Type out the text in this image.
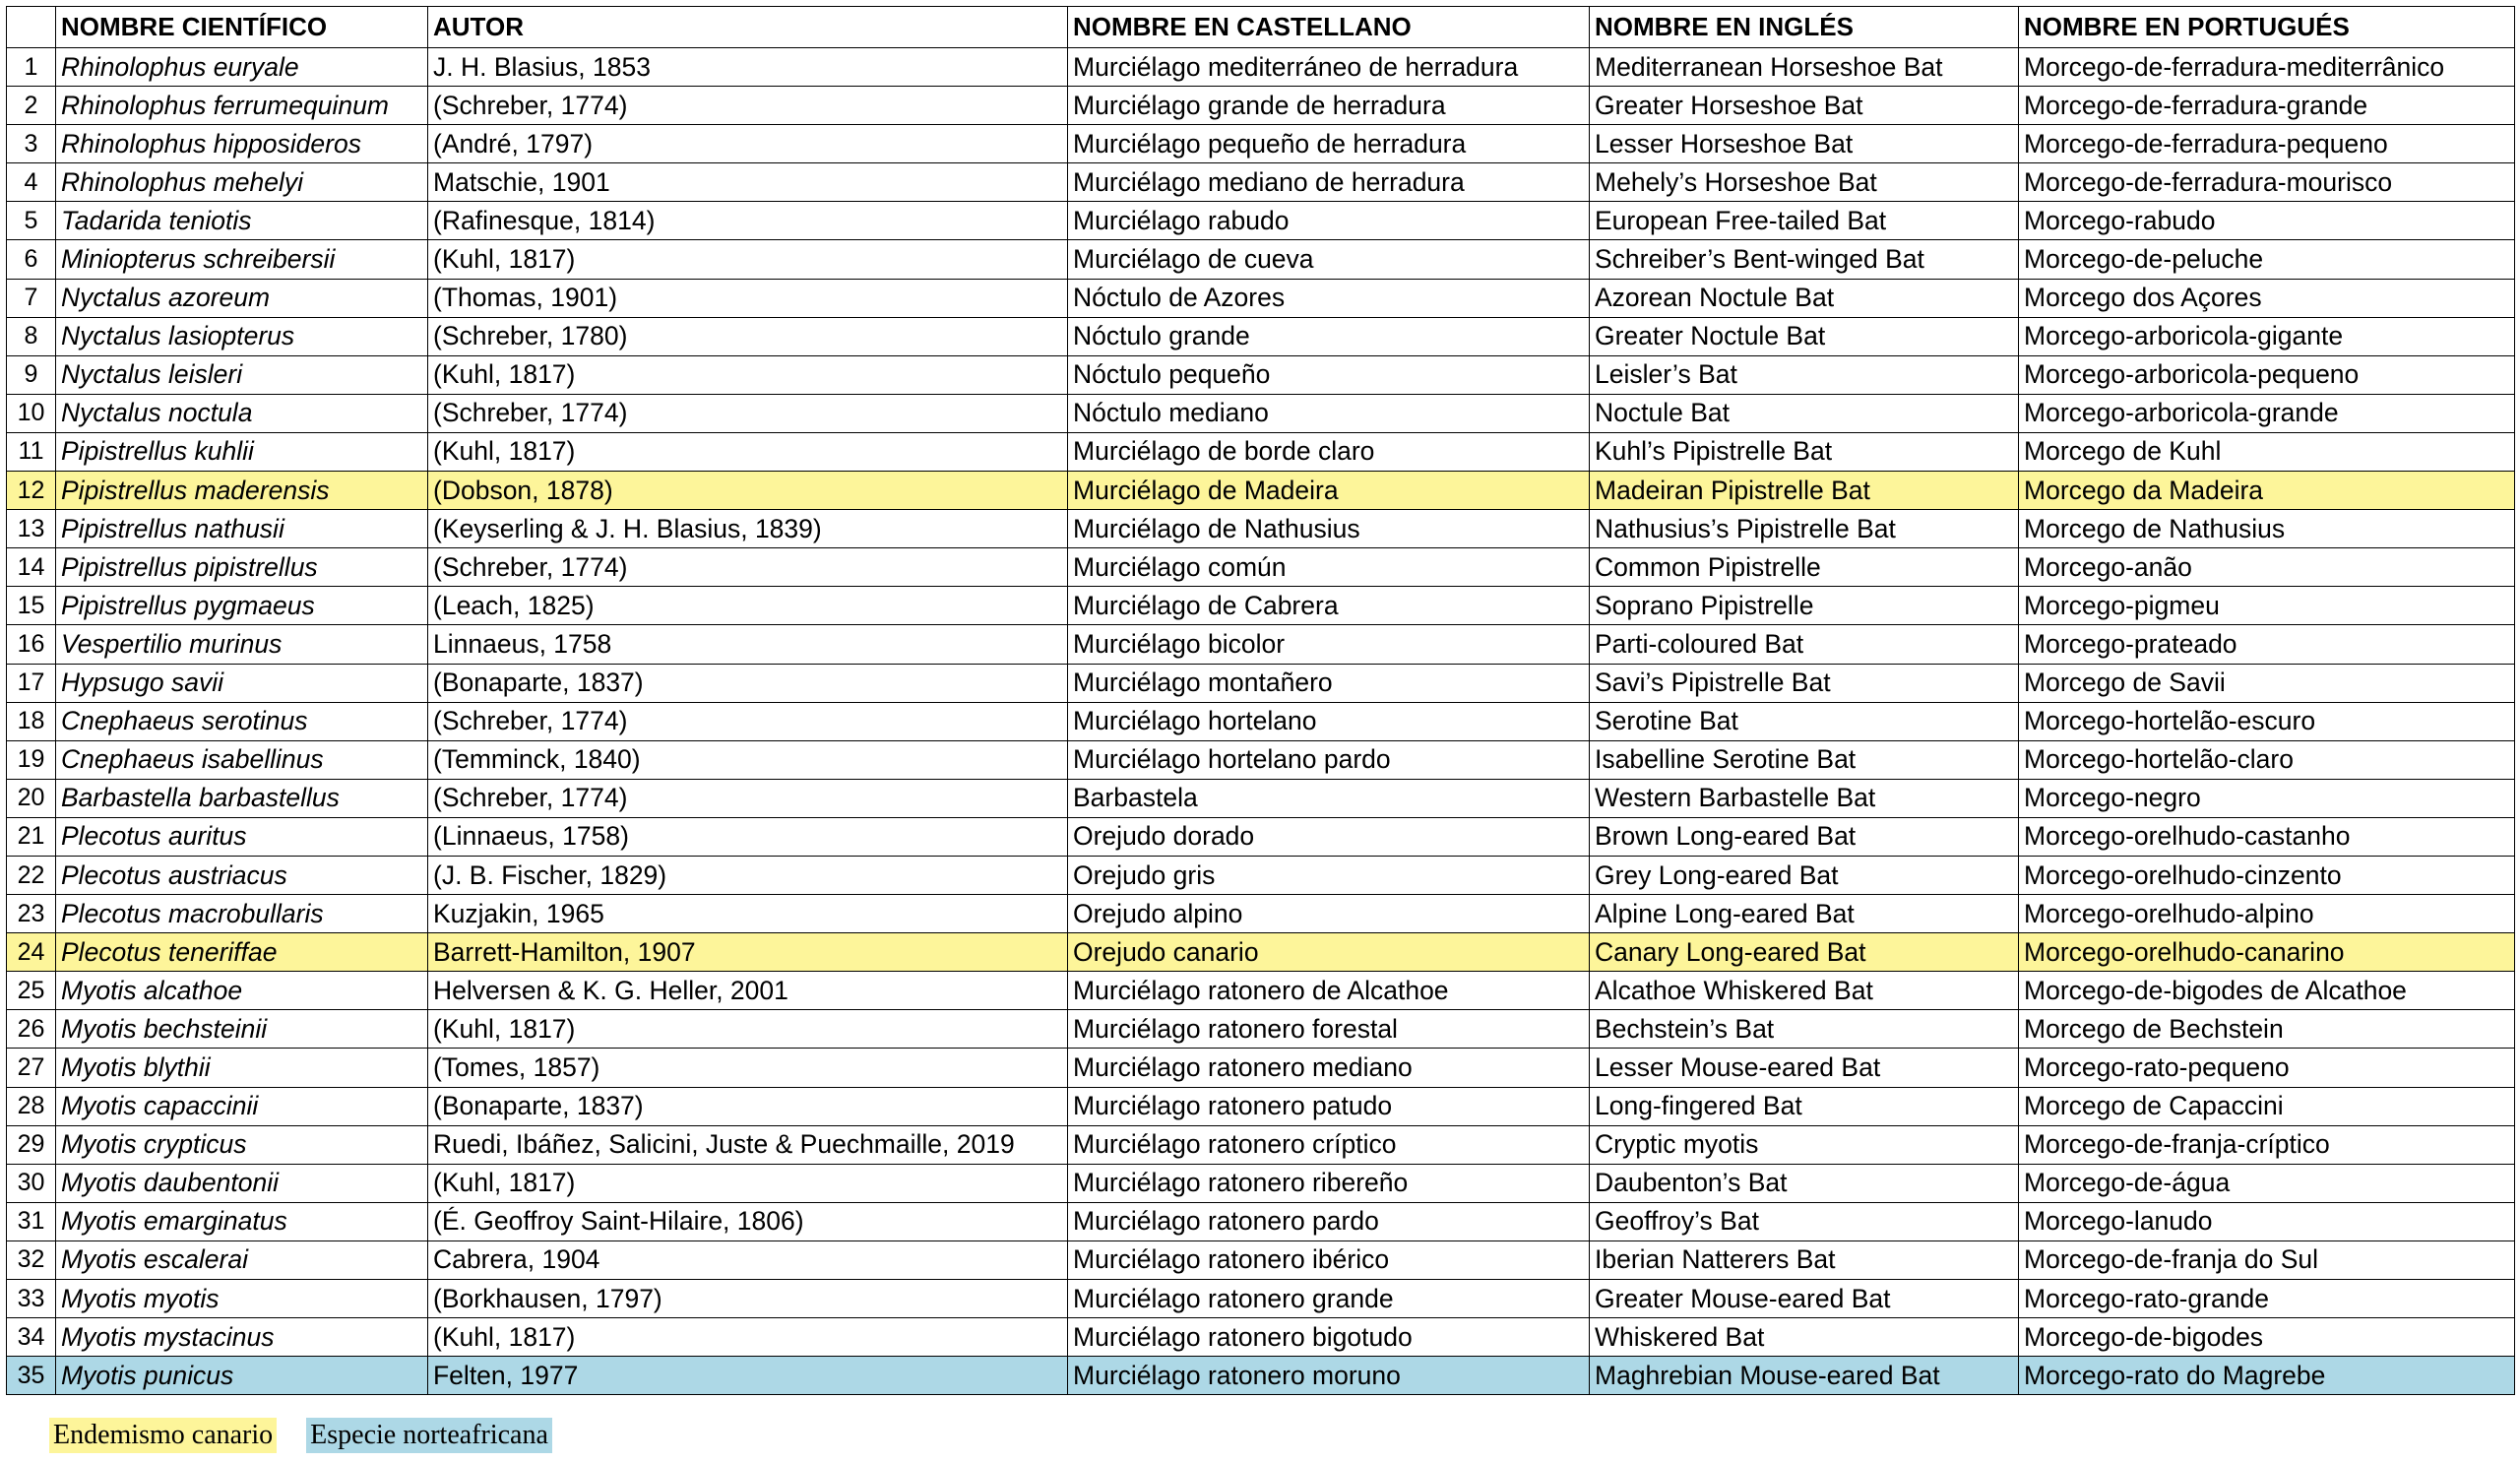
	NOMBRE CIENTÍFICO	AUTOR	NOMBRE EN CASTELLANO	NOMBRE EN INGLÉS	NOMBRE EN PORTUGUÉS
1	Rhinolophus euryale	J. H. Blasius, 1853	Murciélago mediterráneo de herradura	Mediterranean Horseshoe Bat	Morcego-de-ferradura-mediterrânico
2	Rhinolophus ferrumequinum	(Schreber, 1774)	Murciélago grande de herradura	Greater Horseshoe Bat	Morcego-de-ferradura-grande
3	Rhinolophus hipposideros	(André, 1797)	Murciélago pequeño de herradura	Lesser Horseshoe Bat	Morcego-de-ferradura-pequeno
4	Rhinolophus mehelyi	Matschie, 1901	Murciélago mediano de herradura	Mehely’s Horseshoe Bat	Morcego-de-ferradura-mourisco
5	Tadarida teniotis	(Rafinesque, 1814)	Murciélago rabudo	European Free-tailed Bat	Morcego-rabudo
6	Miniopterus schreibersii	(Kuhl, 1817)	Murciélago de cueva	Schreiber’s Bent-winged Bat	Morcego-de-peluche
7	Nyctalus azoreum	(Thomas, 1901)	Nóctulo de Azores	Azorean Noctule Bat	Morcego dos Açores
8	Nyctalus lasiopterus	(Schreber, 1780)	Nóctulo grande	Greater Noctule Bat	Morcego-arboricola-gigante
9	Nyctalus leisleri	(Kuhl, 1817)	Nóctulo pequeño	Leisler’s Bat	Morcego-arboricola-pequeno
10	Nyctalus noctula	(Schreber, 1774)	Nóctulo mediano	Noctule Bat	Morcego-arboricola-grande
11	Pipistrellus kuhlii	(Kuhl, 1817)	Murciélago de borde claro	Kuhl’s Pipistrelle Bat	Morcego de Kuhl
12	Pipistrellus maderensis	(Dobson, 1878)	Murciélago de Madeira	Madeiran Pipistrelle Bat	Morcego da Madeira
13	Pipistrellus nathusii	(Keyserling & J. H. Blasius, 1839)	Murciélago de Nathusius	Nathusius’s Pipistrelle Bat	Morcego de Nathusius
14	Pipistrellus pipistrellus	(Schreber, 1774)	Murciélago común	Common Pipistrelle	Morcego-anão
15	Pipistrellus pygmaeus	(Leach, 1825)	Murciélago de Cabrera	Soprano Pipistrelle	Morcego-pigmeu
16	Vespertilio murinus	Linnaeus, 1758	Murciélago bicolor	Parti-coloured Bat	Morcego-prateado
17	Hypsugo savii	(Bonaparte, 1837)	Murciélago montañero	Savi’s Pipistrelle Bat	Morcego de Savii
18	Cnephaeus serotinus	(Schreber, 1774)	Murciélago hortelano	Serotine Bat	Morcego-hortelão-escuro
19	Cnephaeus isabellinus	(Temminck, 1840)	Murciélago hortelano pardo	Isabelline Serotine Bat	Morcego-hortelão-claro
20	Barbastella barbastellus	(Schreber, 1774)	Barbastela	Western Barbastelle Bat	Morcego-negro
21	Plecotus auritus	(Linnaeus, 1758)	Orejudo dorado	Brown Long-eared Bat	Morcego-orelhudo-castanho
22	Plecotus austriacus	(J. B. Fischer, 1829)	Orejudo gris	Grey Long-eared Bat	Morcego-orelhudo-cinzento
23	Plecotus macrobullaris	Kuzjakin, 1965	Orejudo alpino	Alpine Long-eared Bat	Morcego-orelhudo-alpino
24	Plecotus teneriffae	Barrett-Hamilton, 1907	Orejudo canario	Canary Long-eared Bat	Morcego-orelhudo-canarino
25	Myotis alcathoe	Helversen & K. G. Heller, 2001	Murciélago ratonero de Alcathoe	Alcathoe Whiskered Bat	Morcego-de-bigodes de Alcathoe
26	Myotis bechsteinii	(Kuhl, 1817)	Murciélago ratonero forestal	Bechstein’s Bat	Morcego de Bechstein
27	Myotis blythii	(Tomes, 1857)	Murciélago ratonero mediano	Lesser Mouse-eared Bat	Morcego-rato-pequeno
28	Myotis capaccinii	(Bonaparte, 1837)	Murciélago ratonero patudo	Long-fingered Bat	Morcego de Capaccini
29	Myotis crypticus	Ruedi, Ibáñez, Salicini, Juste & Puechmaille, 2019	Murciélago ratonero críptico	Cryptic myotis	Morcego-de-franja-críptico
30	Myotis daubentonii	(Kuhl, 1817)	Murciélago ratonero ribereño	Daubenton’s Bat	Morcego-de-água
31	Myotis emarginatus	(É. Geoffroy Saint-Hilaire, 1806)	Murciélago ratonero pardo	Geoffroy’s Bat	Morcego-lanudo
32	Myotis escalerai	Cabrera, 1904	Murciélago ratonero ibérico	Iberian Natterers Bat	Morcego-de-franja do Sul
33	Myotis myotis	(Borkhausen, 1797)	Murciélago ratonero grande	Greater Mouse-eared Bat	Morcego-rato-grande
34	Myotis mystacinus	(Kuhl, 1817)	Murciélago ratonero bigotudo	Whiskered Bat	Morcego-de-bigodes
35	Myotis punicus	Felten, 1977	Murciélago ratonero moruno	Maghrebian Mouse-eared Bat	Morcego-rato do Magrebe
Endemismo canario Especie norteafricana
